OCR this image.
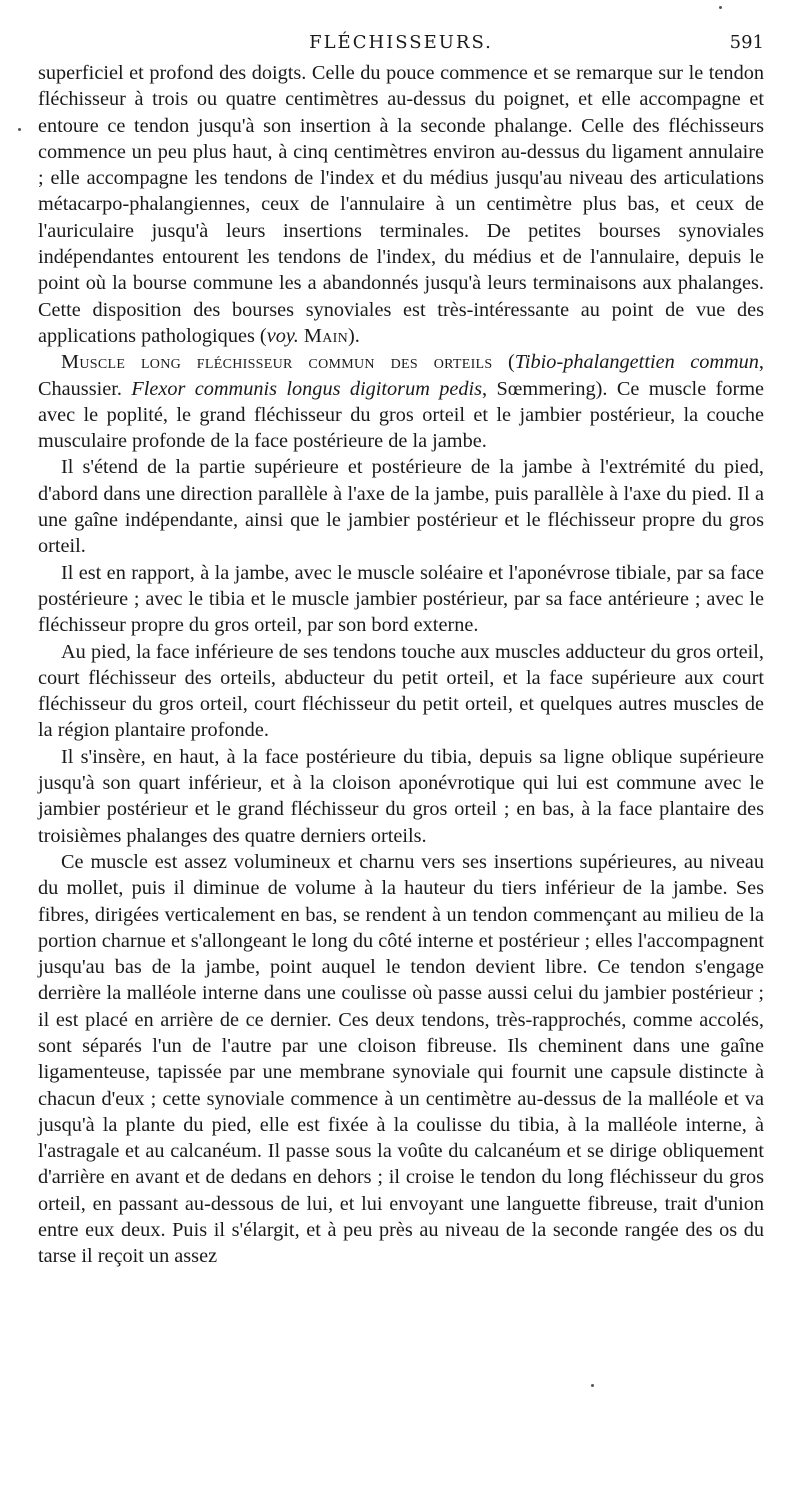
FLÉCHISSEURS.	591

superficiel et profond des doigts. Celle du pouce commence et se remarque sur le tendon fléchisseur à trois ou quatre centimètres au-dessus du poignet, et elle accompagne et entoure ce tendon jusqu'à son insertion à la seconde phalange. Celle des fléchisseurs commence un peu plus haut, à cinq centimètres environ au-dessus du ligament annulaire ; elle accompagne les tendons de l'index et du médius jusqu'au niveau des articulations métacarpo-phalangiennes, ceux de l'annulaire à un centimètre plus bas, et ceux de l'auriculaire jusqu'à leurs insertions terminales. De petites bourses synoviales indépendantes entourent les tendons de l'index, du médius et de l'annulaire, depuis le point où la bourse commune les a abandonnés jusqu'à leurs terminaisons aux phalanges. Cette disposition des bourses synoviales est très-intéressante au point de vue des applications pathologiques (voy. Main).

Muscle long fléchisseur commun des orteils (Tibio-phalangettien commun, Chaussier. Flexor communis longus digitorum pedis, Sœmmering). Ce muscle forme avec le poplité, le grand fléchisseur du gros orteil et le jambier postérieur, la couche musculaire profonde de la face postérieure de la jambe.

Il s'étend de la partie supérieure et postérieure de la jambe à l'extrémité du pied, d'abord dans une direction parallèle à l'axe de la jambe, puis parallèle à l'axe du pied. Il a une gaîne indépendante, ainsi que le jambier postérieur et le fléchisseur propre du gros orteil.

Il est en rapport, à la jambe, avec le muscle soléaire et l'aponévrose tibiale, par sa face postérieure ; avec le tibia et le muscle jambier postérieur, par sa face antérieure ; avec le fléchisseur propre du gros orteil, par son bord externe.

Au pied, la face inférieure de ses tendons touche aux muscles adducteur du gros orteil, court fléchisseur des orteils, abducteur du petit orteil, et la face supérieure aux court fléchisseur du gros orteil, court fléchisseur du petit orteil, et quelques autres muscles de la région plantaire profonde.

Il s'insère, en haut, à la face postérieure du tibia, depuis sa ligne oblique supérieure jusqu'à son quart inférieur, et à la cloison aponévrotique qui lui est commune avec le jambier postérieur et le grand fléchisseur du gros orteil ; en bas, à la face plantaire des troisièmes phalanges des quatre derniers orteils.

Ce muscle est assez volumineux et charnu vers ses insertions supérieures, au niveau du mollet, puis il diminue de volume à la hauteur du tiers inférieur de la jambe. Ses fibres, dirigées verticalement en bas, se rendent à un tendon commençant au milieu de la portion charnue et s'allongeant le long du côté interne et postérieur ; elles l'accompagnent jusqu'au bas de la jambe, point auquel le tendon devient libre. Ce tendon s'engage derrière la malléole interne dans une coulisse où passe aussi celui du jambier postérieur ; il est placé en arrière de ce dernier. Ces deux tendons, très-rapprochés, comme accolés, sont séparés l'un de l'autre par une cloison fibreuse. Ils cheminent dans une gaîne ligamenteuse, tapissée par une membrane synoviale qui fournit une capsule distincte à chacun d'eux ; cette synoviale commence à un centimètre au-dessus de la malléole et va jusqu'à la plante du pied, elle est fixée à la coulisse du tibia, à la malléole interne, à l'astragale et au calcanéum. Il passe sous la voûte du calcanéum et se dirige obliquement d'arrière en avant et de dedans en dehors ; il croise le tendon du long fléchisseur du gros orteil, en passant au-dessous de lui, et lui envoyant une languette fibreuse, trait d'union entre eux deux. Puis il s'élargit, et à peu près au niveau de la seconde rangée des os du tarse il reçoit un assez
